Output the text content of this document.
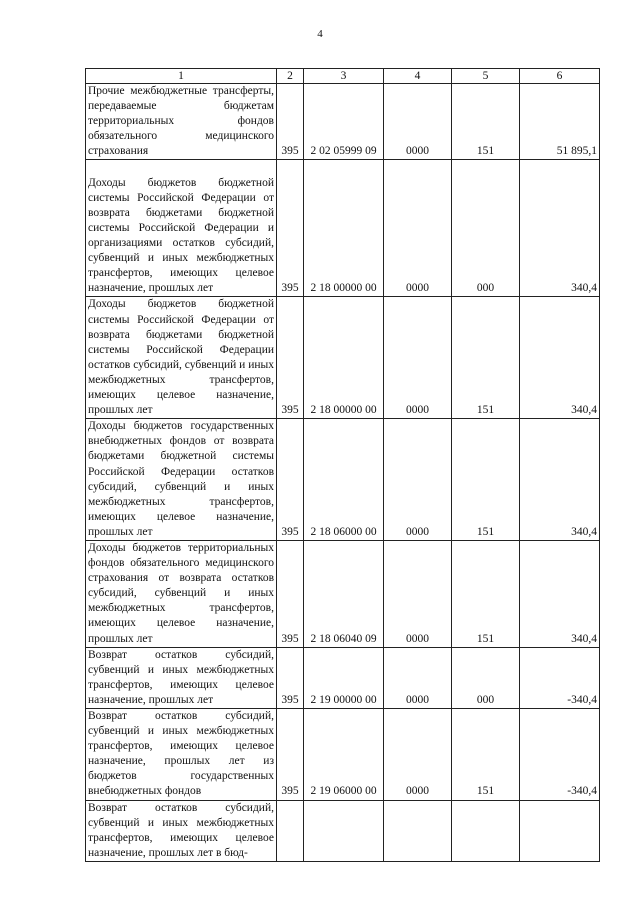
4
1	2	3	4	5	6
Прочие межбюджетные трансферты, передаваемые бюджетам территориальных фондов обязательного медицинского страхования	395	2 02 05999 09	0000	151	51 895,1
Доходы бюджетов бюджетной системы Российской Федерации от возврата бюджетами бюджетной системы Российской Федерации и организациями остатков субсидий, субвенций и иных межбюджетных трансфертов, имеющих целевое назначение, прошлых лет	395	2 18 00000 00	0000	000	340,4
Доходы бюджетов бюджетной системы Российской Федерации от возврата бюджетами бюджетной системы Российской Федерации остатков субсидий, субвенций и иных межбюджетных трансфертов, имеющих целевое назначение, прошлых лет	395	2 18 00000 00	0000	151	340,4
Доходы бюджетов государственных внебюджетных фондов от возврата бюджетами бюджетной системы Российской Федерации остатков субсидий, субвенций и иных межбюджетных трансфертов, имеющих целевое назначение, прошлых лет	395	2 18 06000 00	0000	151	340,4
Доходы бюджетов территориальных фондов обязательного медицинского страхования от возврата остатков субсидий, субвенций и иных межбюджетных трансфертов, имеющих целевое назначение, прошлых лет	395	2 18 06040 09	0000	151	340,4
Возврат остатков субсидий, субвенций и иных межбюджетных трансфертов, имеющих целевое назначение, прошлых лет	395	2 19 00000 00	0000	000	-340,4
Возврат остатков субсидий, субвенций и иных межбюджетных трансфертов, имеющих целевое назначение, прошлых лет из бюджетов государственных внебюджетных фондов	395	2 19 06000 00	0000	151	-340,4
Возврат остатков субсидий, субвенций и иных межбюджетных трансфертов, имеющих целевое назначение, прошлых лет в бюд-					
